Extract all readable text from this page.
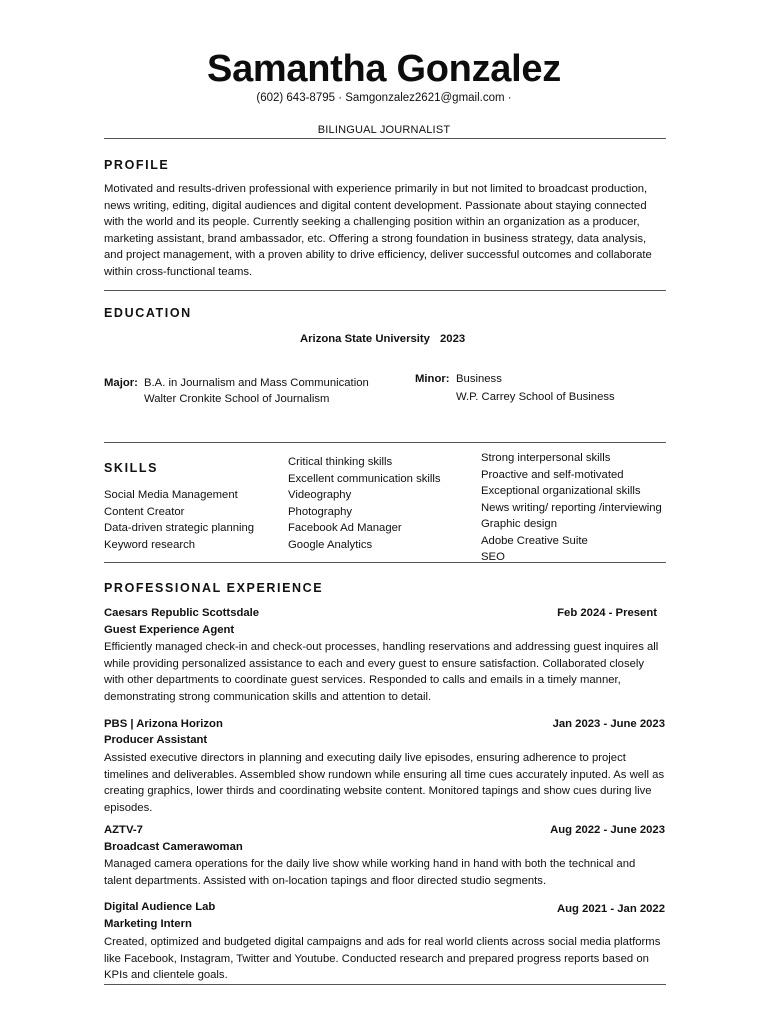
Samantha Gonzalez
(602) 643-8795 · Samgonzalez2621@gmail.com ·
BILINGUAL JOURNALIST
PROFILE
Motivated and results-driven professional with experience primarily in but not limited to broadcast production, news writing, editing, digital audiences and digital content development. Passionate about staying connected with the world and its people. Currently seeking a challenging position within an organization as a producer, marketing assistant, brand ambassador, etc. Offering a strong foundation in business strategy, data analysis, and project management, with a proven ability to drive efficiency, deliver successful outcomes and collaborate within cross-functional teams.
EDUCATION
Arizona State University 2023
Major: B.A. in Journalism and Mass Communication
Walter Cronkite School of Journalism
Minor: Business
W.P. Carrey School of Business
SKILLS
Social Media Management
Content Creator
Data-driven strategic planning
Keyword research
Critical thinking skills
Excellent communication skills
Videography
Photography
Facebook Ad Manager
Google Analytics
Strong interpersonal skills
Proactive and self-motivated
Exceptional organizational skills
News writing/ reporting /interviewing
Graphic design
Adobe Creative Suite
SEO
PROFESSIONAL EXPERIENCE
Caesars Republic Scottsdale	Feb 2024 - Present
Guest Experience Agent
Efficiently managed check-in and check-out processes, handling reservations and addressing guest inquires all while providing personalized assistance to each and every guest to ensure satisfaction. Collaborated closely with other departments to coordinate guest services. Responded to calls and emails in a timely manner, demonstrating strong communication skills and attention to detail.
PBS | Arizona Horizon	Jan 2023 - June 2023
Producer Assistant
Assisted executive directors in planning and executing daily live episodes, ensuring adherence to project timelines and deliverables. Assembled show rundown while ensuring all time cues accurately inputed. As well as creating graphics, lower thirds and coordinating website content. Monitored tapings and show cues during live episodes.
AZTV-7	Aug 2022 - June 2023
Broadcast Camerawoman
Managed camera operations for the daily live show while working hand in hand with both the technical and talent departments. Assisted with on-location tapings and floor directed studio segments.
Digital Audience Lab	Aug 2021 - Jan 2022
Marketing Intern
Created, optimized and budgeted digital campaigns and ads for real world clients across social media platforms like Facebook, Instagram, Twitter and Youtube. Conducted research and prepared progress reports based on KPIs and clientele goals.
